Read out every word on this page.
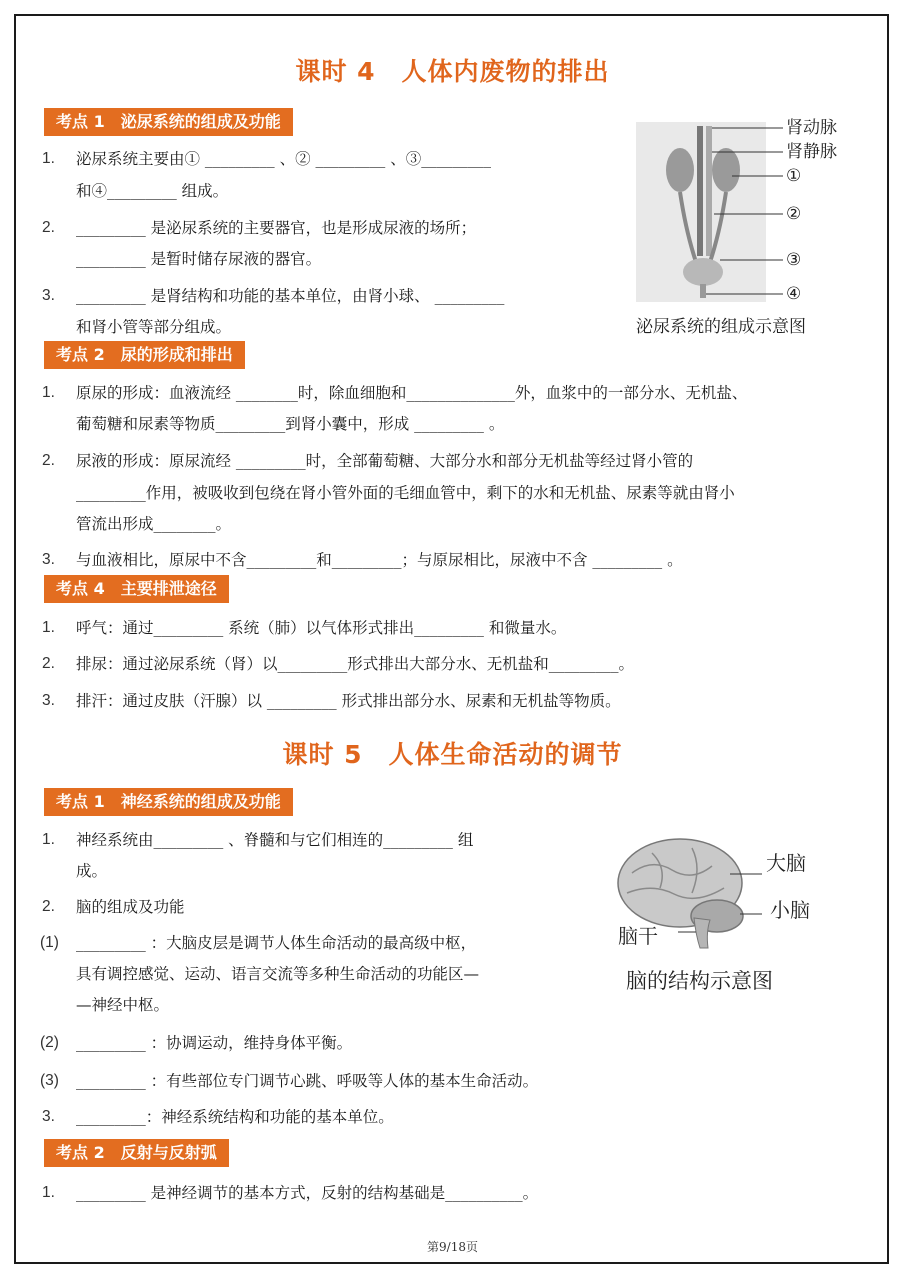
课时 4　人体内废物的排出
考点 1　泌尿系统的组成及功能
1. 泌尿系统主要由① _________ 、② _________ 、③_________
和④_________ 组成。
2. _________ 是泌尿系统的主要器官，也是形成尿液的场所；
_________ 是暂时储存尿液的器官。
3. _________ 是肾结构和功能的基本单位，由肾小球、 _________
和肾小管等部分组成。
肾动脉
肾静脉
①
②
③
④
泌尿系统的组成示意图
考点 2　尿的形成和排出
1. 原尿的形成：血液流经 ________时，除血细胞和______________外，血浆中的一部分水、无机盐、
葡萄糖和尿素等物质_________到肾小囊中，形成 _________ 。
2. 尿液的形成：原尿流经 _________时，全部葡萄糖、大部分水和部分无机盐等经过肾小管的
_________作用，被吸收到包绕在肾小管外面的毛细血管中，剩下的水和无机盐、尿素等就由肾小
管流出形成________。
3. 与血液相比，原尿中不含_________和_________；与原尿相比，尿液中不含 _________ 。
考点 4　主要排泄途径
1. 呼气：通过_________ 系统（肺）以气体形式排出_________ 和微量水。
2. 排尿：通过泌尿系统（肾）以_________形式排出大部分水、无机盐和_________。
3. 排汗：通过皮肤（汗腺）以 _________ 形式排出部分水、尿素和无机盐等物质。
课时 5　人体生命活动的调节
考点 1　神经系统的组成及功能
1. 神经系统由_________ 、脊髓和与它们相连的_________ 组
成。
2. 脑的组成及功能
(1) _________ ：大脑皮层是调节人体生命活动的最高级中枢，
具有调控感觉、运动、语言交流等多种生命活动的功能区—
—神经中枢。
(2) _________ ：协调运动，维持身体平衡。
(3) _________ ：有些部位专门调节心跳、呼吸等人体的基本生命活动。
3. _________：神经系统结构和功能的基本单位。
大脑
小脑
脑干
脑的结构示意图
考点 2　反射与反射弧
1. _________ 是神经调节的基本方式，反射的结构基础是__________。
第9/18页
